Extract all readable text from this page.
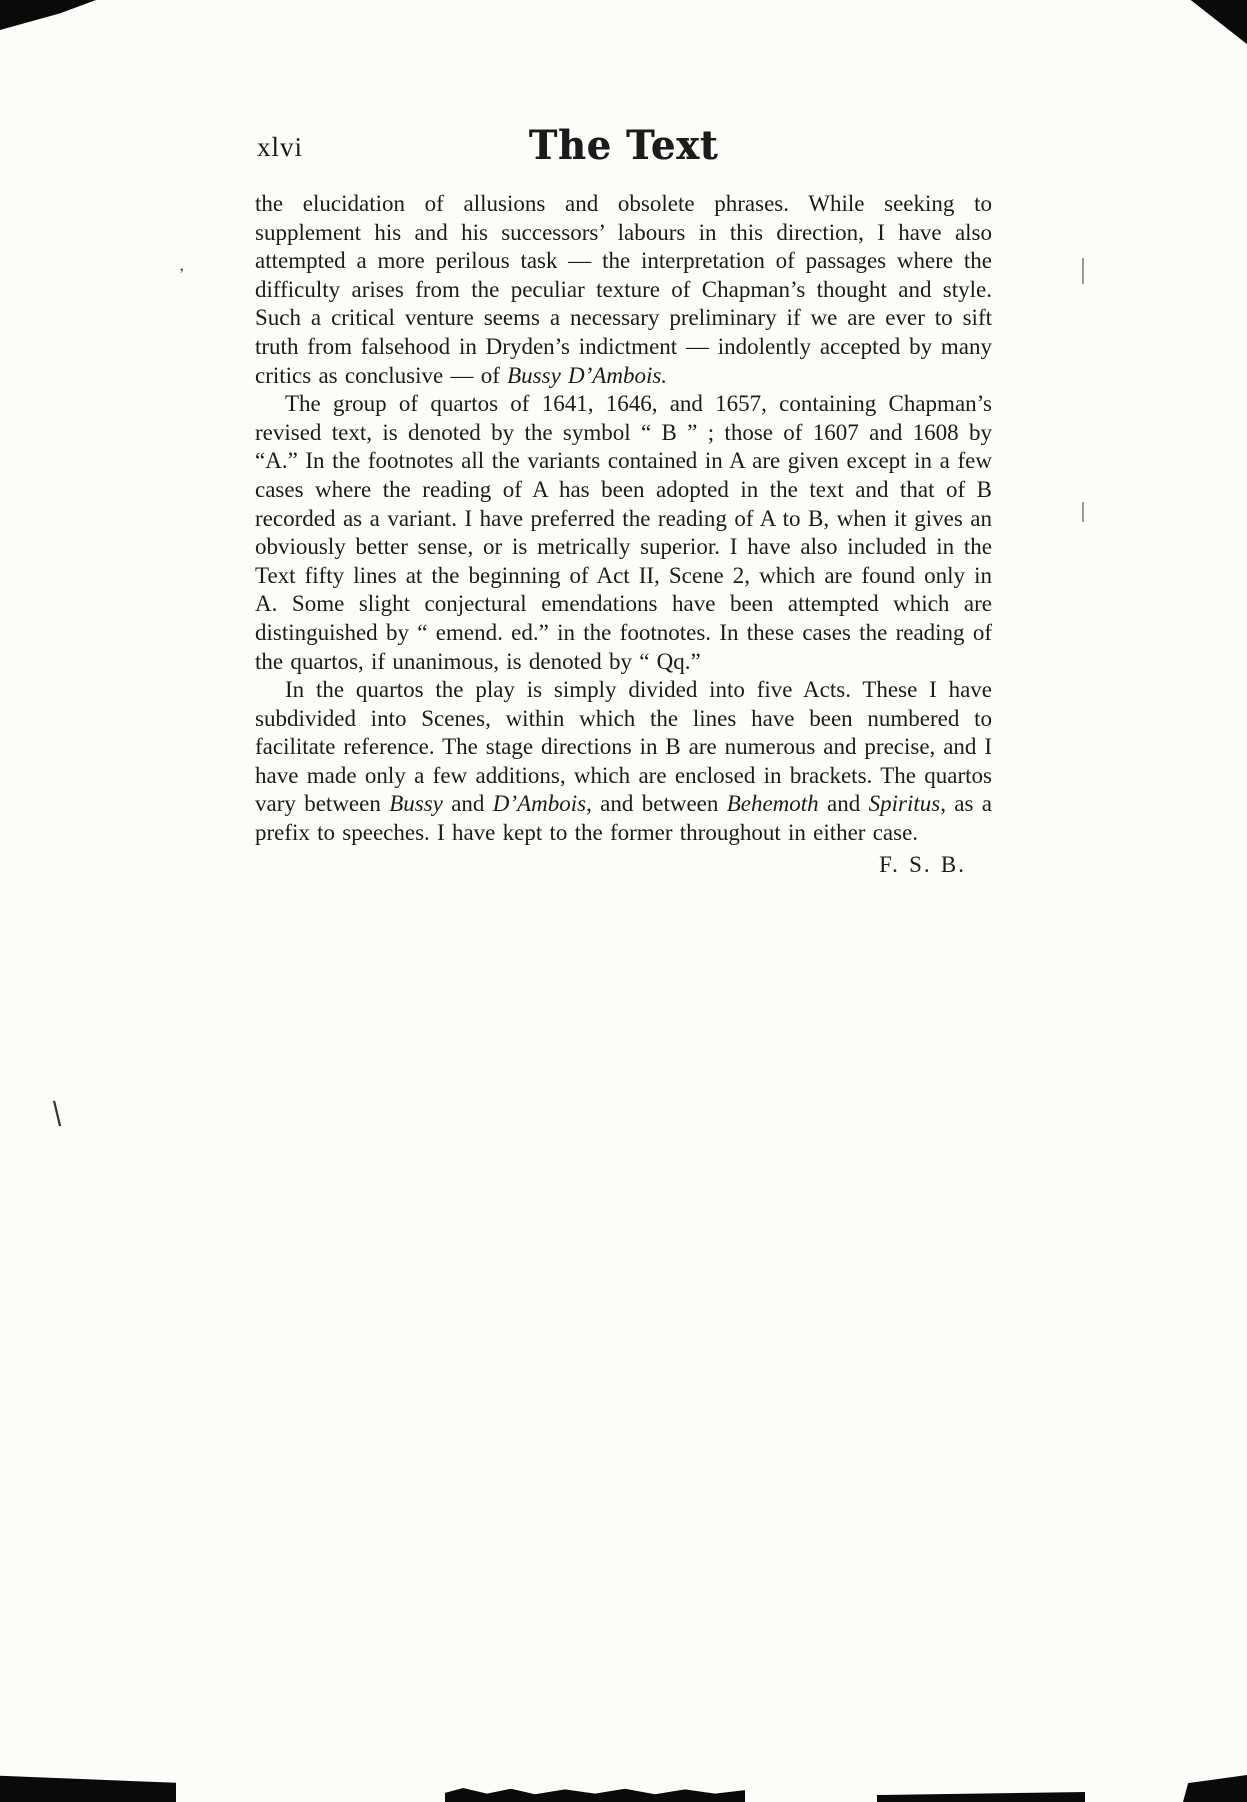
’
\
xlvi	The Text

the elucidation of allusions and obsolete phrases. While seeking to supplement his and his successors’ labours in this direction, I have also attempted a more perilous task — the interpretation of passages where the difficulty arises from the peculiar texture of Chapman’s thought and style. Such a critical venture seems a necessary preliminary if we are ever to sift truth from falsehood in Dryden’s indictment — indolently accepted by many critics as conclusive — of Bussy D’Ambois.

The group of quartos of 1641, 1646, and 1657, containing Chapman’s revised text, is denoted by the symbol “ B ” ; those of 1607 and 1608 by “A.” In the footnotes all the variants contained in A are given except in a few cases where the reading of A has been adopted in the text and that of B recorded as a variant. I have preferred the reading of A to B, when it gives an obviously better sense, or is metrically superior. I have also included in the Text fifty lines at the beginning of Act II, Scene 2, which are found only in A. Some slight conjectural emendations have been attempted which are distinguished by “ emend. ed.” in the footnotes. In these cases the reading of the quartos, if unanimous, is denoted by “ Qq.”

In the quartos the play is simply divided into five Acts. These I have subdivided into Scenes, within which the lines have been numbered to facilitate reference. The stage directions in B are numerous and precise, and I have made only a few additions, which are enclosed in brackets. The quartos vary between Bussy and D’Ambois, and between Behemoth and Spiritus, as a prefix to speeches. I have kept to the former throughout in either case.

F. S. B.
